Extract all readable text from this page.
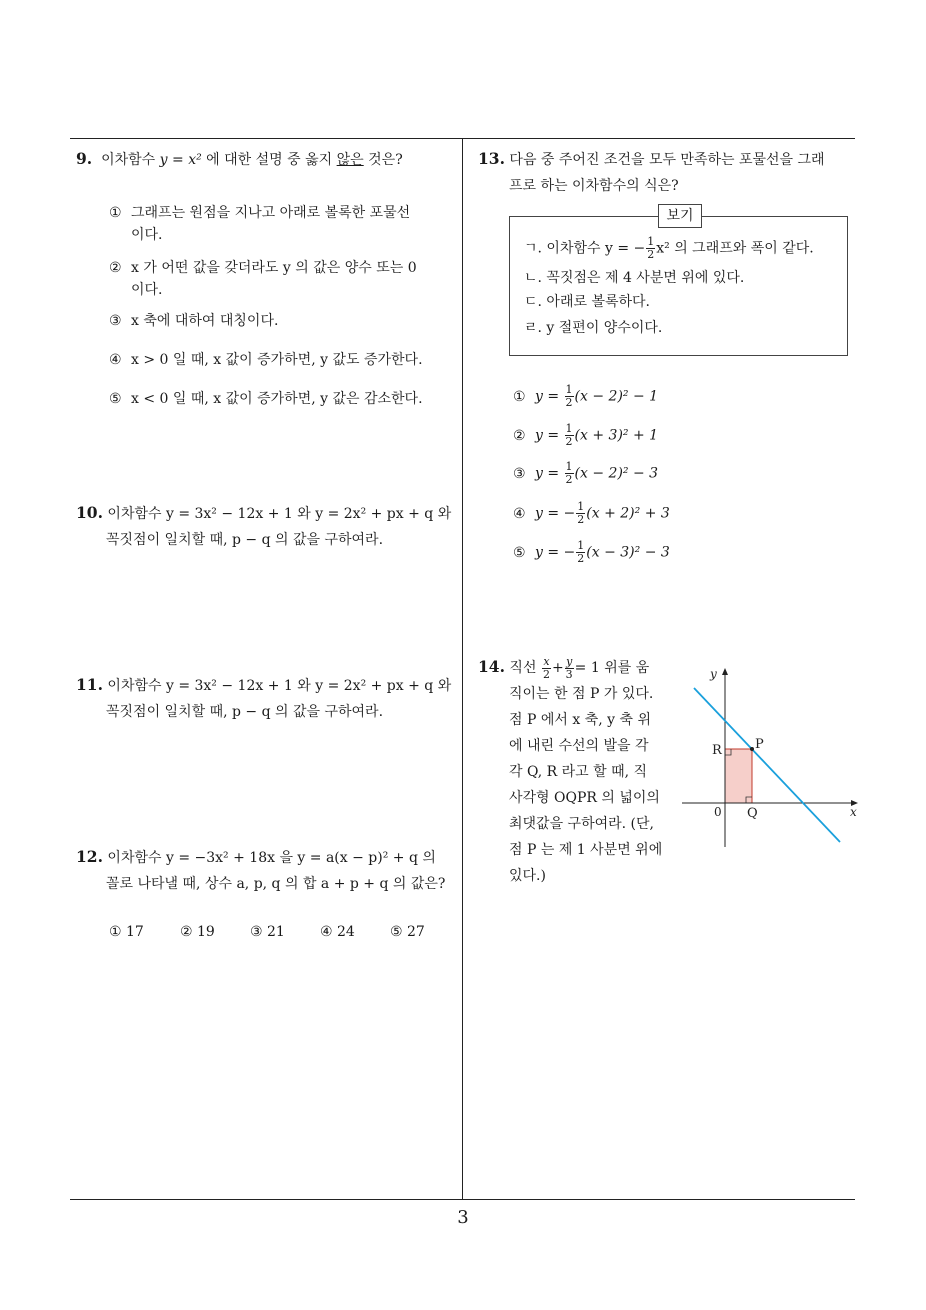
9. 이차함수 y = x² 에 대한 설명 중 옳지 않은 것은?

① 그래프는 원점을 지나고 아래로 볼록한 포물선
이다.
② x 가 어떤 값을 갖더라도 y 의 값은 양수 또는 0
이다.
③ x 축에 대하여 대칭이다.
④ x > 0 일 때, x 값이 증가하면, y 값도 증가한다.
⑤ x < 0 일 때, x 값이 증가하면, y 값은 감소한다.

10. 이차함수 y = 3x² − 12x + 1 와 y = 2x² + px + q 와

꼭짓점이 일치할 때, p − q 의 값을 구하여라.

11. 이차함수 y = 3x² − 12x + 1 와 y = 2x² + px + q 와

꼭짓점이 일치할 때, p − q 의 값을 구하여라.

12. 이차함수 y = −3x² + 18x 을 y = a(x − p)² + q 의

꼴로 나타낼 때, 상수 a, p, q 의 합 a + p + q 의 값은?

① 17	② 19	③ 21	④ 24	⑤ 27

13. 다음 중 주어진 조건을 모두 만족하는 포물선을 그래

프로 하는 이차함수의 식은?

보기
ㄱ. 이차함수 y = − $\frac{1}{2} x^2$ 의 그래프와 폭이 같다.
ㄴ. 꼭짓점은 제 4 사분면 위에 있다.
ㄷ. 아래로 볼록하다.
ㄹ. y 절편이 양수이다.
① $y = \frac{1}{2} (x - 2)^2 - 1$
② $y = \frac{1}{2} (x + 3)^2 + 1$
③ $y = \frac{1}{2} (x - 2)^2 - 3$
④ y = − $\frac{1}{2} (x + 2)^2 + 3$
⑤ y = − $\frac{1}{2} (x - 3)^2 - 3$

14. 직선 $\frac{x}{2} + \frac{y}{3} = 1$ 위를 움

직이는 한 점 P 가 있다.

점 P 에서 x 축, y 축 위

에 내린 수선의 발을 각

각 Q, R 라고 할 때, 직

사각형 OQPR 의 넓이의

최댓값을 구하여라. (단,

점 P 는 제 1 사분면 위에

있다.)

y
x
0
P
Q
R
3
